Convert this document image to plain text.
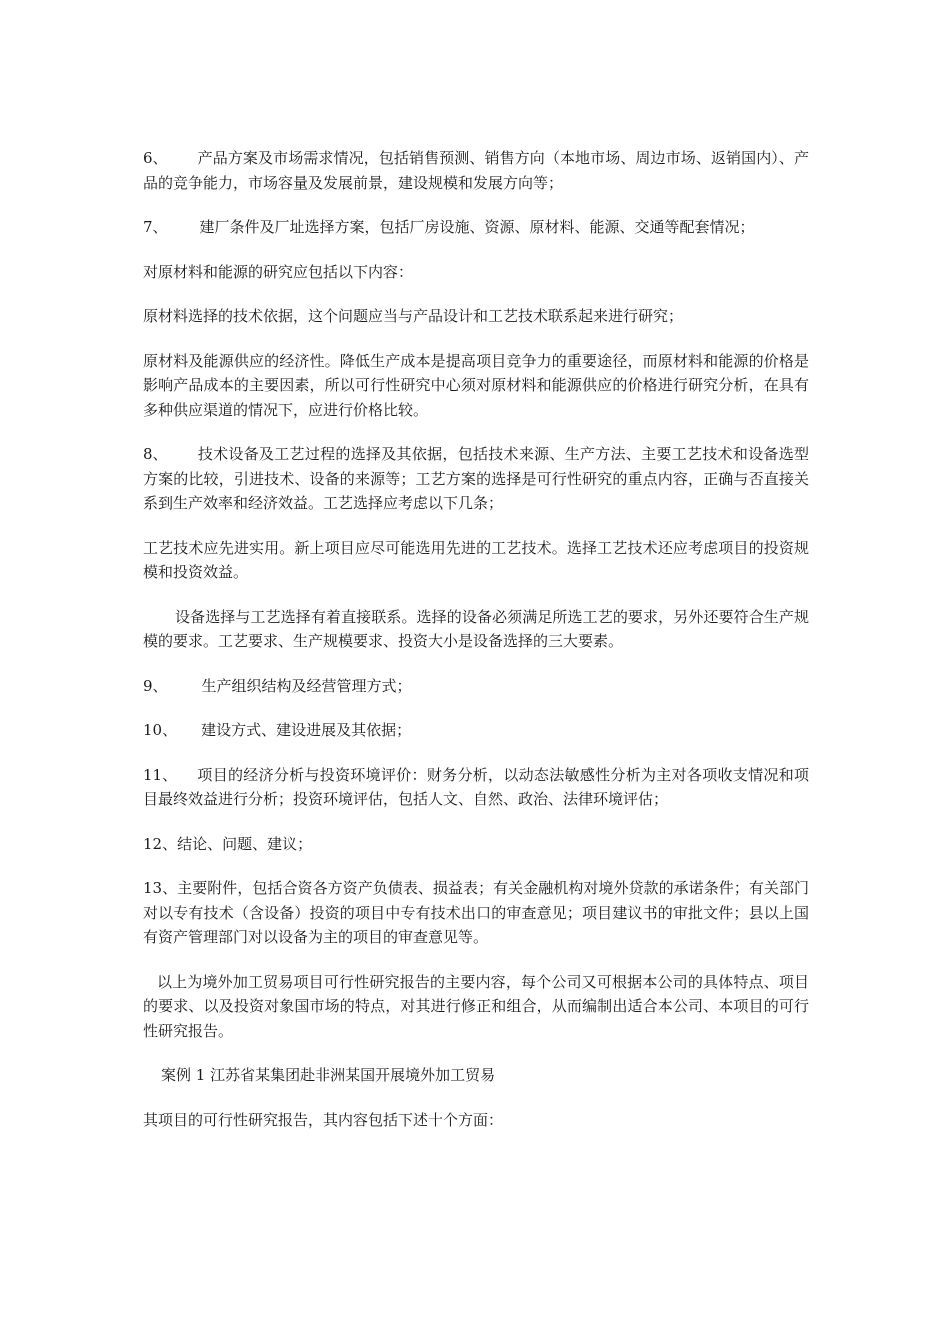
6、 产品方案及市场需求情况，包括销售预测、销售方向（本地市场、周边市场、返销国内）、产品的竞争能力，市场容量及发展前景，建设规模和发展方向等；

7、 建厂条件及厂址选择方案，包括厂房设施、资源、原材料、能源、交通等配套情况；

对原材料和能源的研究应包括以下内容：

原材料选择的技术依据，这个问题应当与产品设计和工艺技术联系起来进行研究；

原材料及能源供应的经济性。降低生产成本是提高项目竞争力的重要途径，而原材料和能源的价格是影响产品成本的主要因素，所以可行性研究中心须对原材料和能源供应的价格进行研究分析，在具有多种供应渠道的情况下，应进行价格比较。

8、 技术设备及工艺过程的选择及其依据，包括技术来源、生产方法、主要工艺技术和设备选型方案的比较，引进技术、设备的来源等；工艺方案的选择是可行性研究的重点内容，正确与否直接关系到生产效率和经济效益。工艺选择应考虑以下几条；

工艺技术应先进实用。新上项目应尽可能选用先进的工艺技术。选择工艺技术还应考虑项目的投资规模和投资效益。

设备选择与工艺选择有着直接联系。选择的设备必须满足所选工艺的要求，另外还要符合生产规模的要求。工艺要求、生产规模要求、投资大小是设备选择的三大要素。

9、 生产组织结构及经营管理方式；

10、 建设方式、建设进展及其依据；

11、 项目的经济分析与投资环境评价：财务分析，以动态法敏感性分析为主对各项收支情况和项目最终效益进行分析；投资环境评估，包括人文、自然、政治、法律环境评估；

12、结论、问题、建议；

13、主要附件，包括合资各方资产负债表、损益表；有关金融机构对境外贷款的承诺条件；有关部门对以专有技术（含设备）投资的项目中专有技术出口的审查意见；项目建议书的审批文件；县以上国有资产管理部门对以设备为主的项目的审查意见等。

以上为境外加工贸易项目可行性研究报告的主要内容，每个公司又可根据本公司的具体特点、项目的要求、以及投资对象国市场的特点，对其进行修正和组合，从而编制出适合本公司、本项目的可行性研究报告。

案例 1 江苏省某集团赴非洲某国开展境外加工贸易

其项目的可行性研究报告，其内容包括下述十个方面：
